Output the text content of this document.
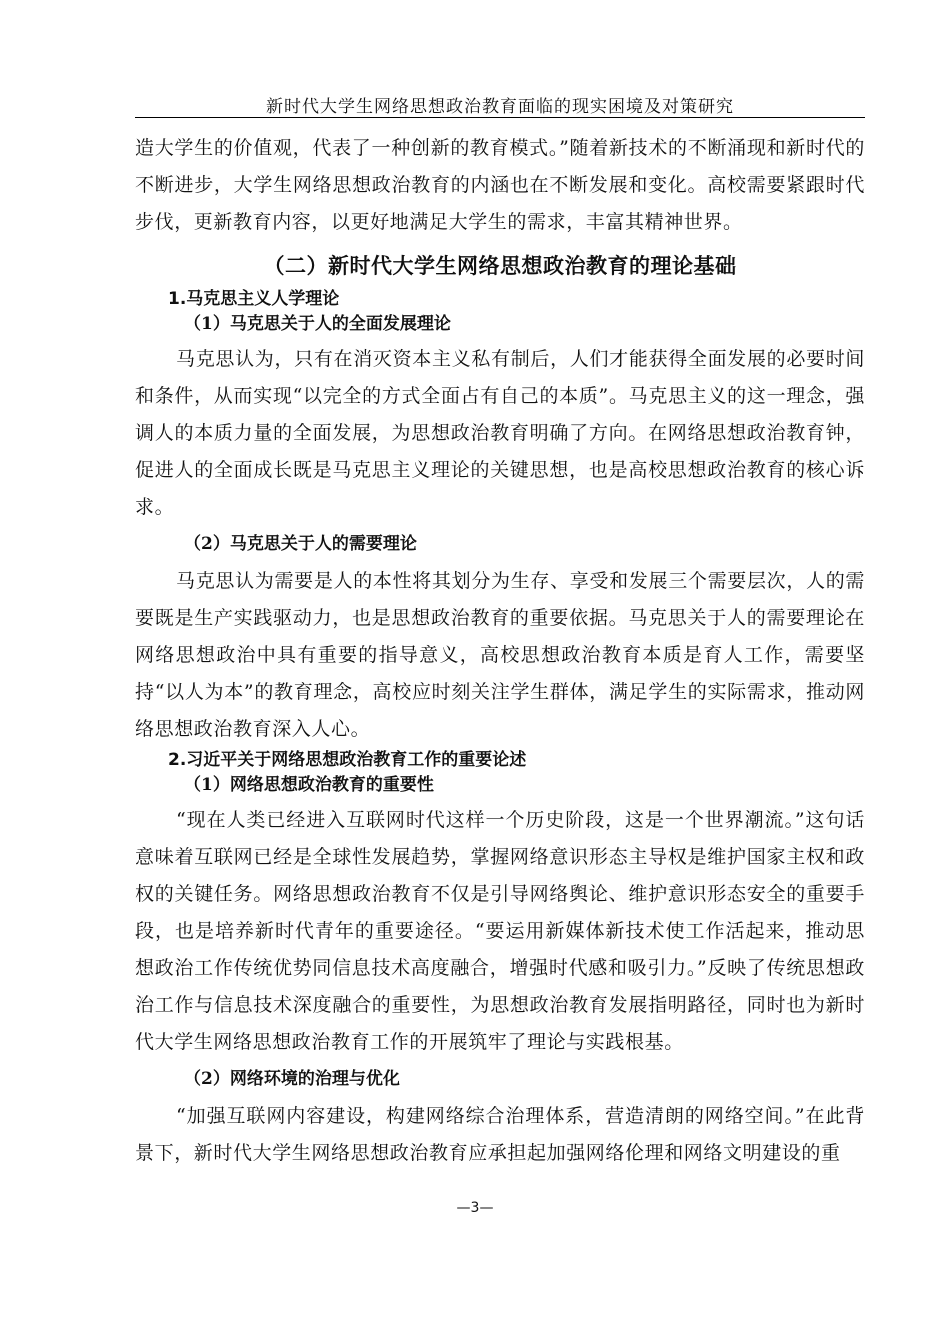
新时代大学生网络思想政治教育面临的现实困境及对策研究

造大学生的价值观，代表了一种创新的教育模式。”随着新技术的不断涌现和新时代的不断进步，大学生网络思想政治教育的内涵也在不断发展和变化。高校需要紧跟时代步伐，更新教育内容，以更好地满足大学生的需求，丰富其精神世界。

（二）新时代大学生网络思想政治教育的理论基础
1.马克思主义人学理论
（1）马克思关于人的全面发展理论

马克思认为，只有在消灭资本主义私有制后，人们才能获得全面发展的必要时间和条件，从而实现“以完全的方式全面占有自己的本质”。马克思主义的这一理念，强调人的本质力量的全面发展，为思想政治教育明确了方向。在网络思想政治教育钟，促进人的全面成长既是马克思主义理论的关键思想，也是高校思想政治教育的核心诉求。

（2）马克思关于人的需要理论

马克思认为需要是人的本性将其划分为生存、享受和发展三个需要层次，人的需要既是生产实践驱动力，也是思想政治教育的重要依据。马克思关于人的需要理论在网络思想政治中具有重要的指导意义，高校思想政治教育本质是育人工作，需要坚持“以人为本”的教育理念，高校应时刻关注学生群体，满足学生的实际需求，推动网络思想政治教育深入人心。

2.习近平关于网络思想政治教育工作的重要论述
（1）网络思想政治教育的重要性

“现在人类已经进入互联网时代这样一个历史阶段，这是一个世界潮流。”这句话意味着互联网已经是全球性发展趋势，掌握网络意识形态主导权是维护国家主权和政权的关键任务。网络思想政治教育不仅是引导网络舆论、维护意识形态安全的重要手段，也是培养新时代青年的重要途径。“要运用新媒体新技术使工作活起来，推动思想政治工作传统优势同信息技术高度融合，增强时代感和吸引力。”反映了传统思想政治工作与信息技术深度融合的重要性，为思想政治教育发展指明路径，同时也为新时代大学生网络思想政治教育工作的开展筑牢了理论与实践根基。

（2）网络环境的治理与优化

“加强互联网内容建设，构建网络综合治理体系，营造清朗的网络空间。”在此背景下，新时代大学生网络思想政治教育应承担起加强网络伦理和网络文明建设的重

—3—
